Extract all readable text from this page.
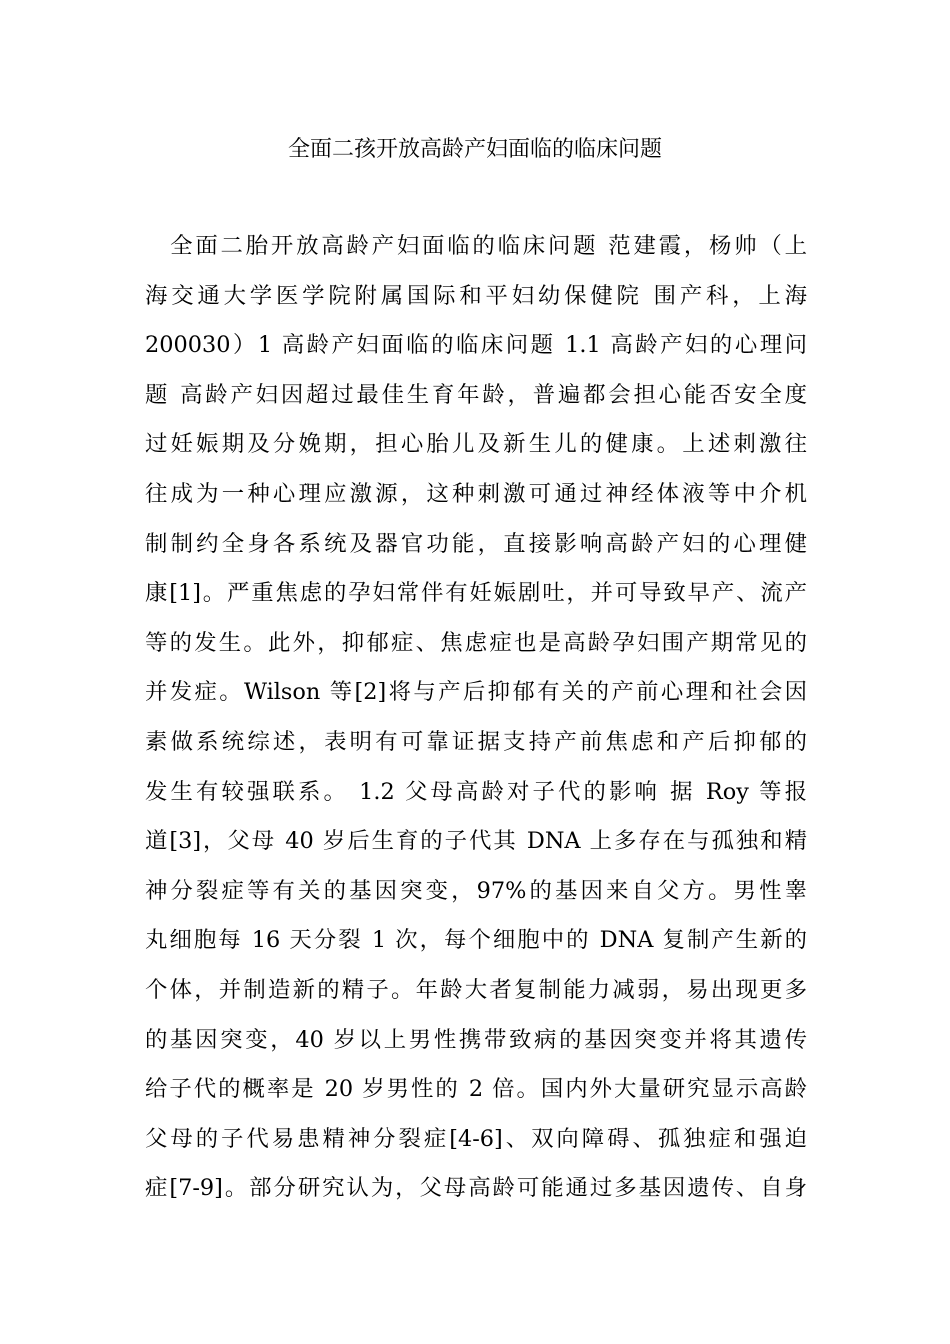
全面二孩开放高龄产妇面临的临床问题
　全面二胎开放高龄产妇面临的临床问题 范建霞，杨帅（上
海交通大学医学院附属国际和平妇幼保健院 围产科，上海
200030）1 高龄产妇面临的临床问题 1.1 高龄产妇的心理问
题 高龄产妇因超过最佳生育年龄，普遍都会担心能否安全度
过妊娠期及分娩期，担心胎儿及新生儿的健康。上述刺激往
往成为一种心理应激源，这种刺激可通过神经体液等中介机
制制约全身各系统及器官功能，直接影响高龄产妇的心理健
康[1]。严重焦虑的孕妇常伴有妊娠剧吐，并可导致早产、流产
等的发生。此外，抑郁症、焦虑症也是高龄孕妇围产期常见的
并发症。Wilson 等[2]将与产后抑郁有关的产前心理和社会因
素做系统综述，表明有可靠证据支持产前焦虑和产后抑郁的
发生有较强联系。 1.2 父母高龄对子代的影响 据 Roy 等报
道[3]，父母 40 岁后生育的子代其 DNA 上多存在与孤独和精
神分裂症等有关的基因突变，97%的基因来自父方。男性睾
丸细胞每 16 天分裂 1 次，每个细胞中的 DNA 复制产生新的
个体，并制造新的精子。年龄大者复制能力减弱，易出现更多
的基因突变，40 岁以上男性携带致病的基因突变并将其遗传
给子代的概率是 20 岁男性的 2 倍。国内外大量研究显示高龄
父母的子代易患精神分裂症[4-6]、双向障碍、孤独症和强迫
症[7-9]。部分研究认为，父母高龄可能通过多基因遗传、自身
